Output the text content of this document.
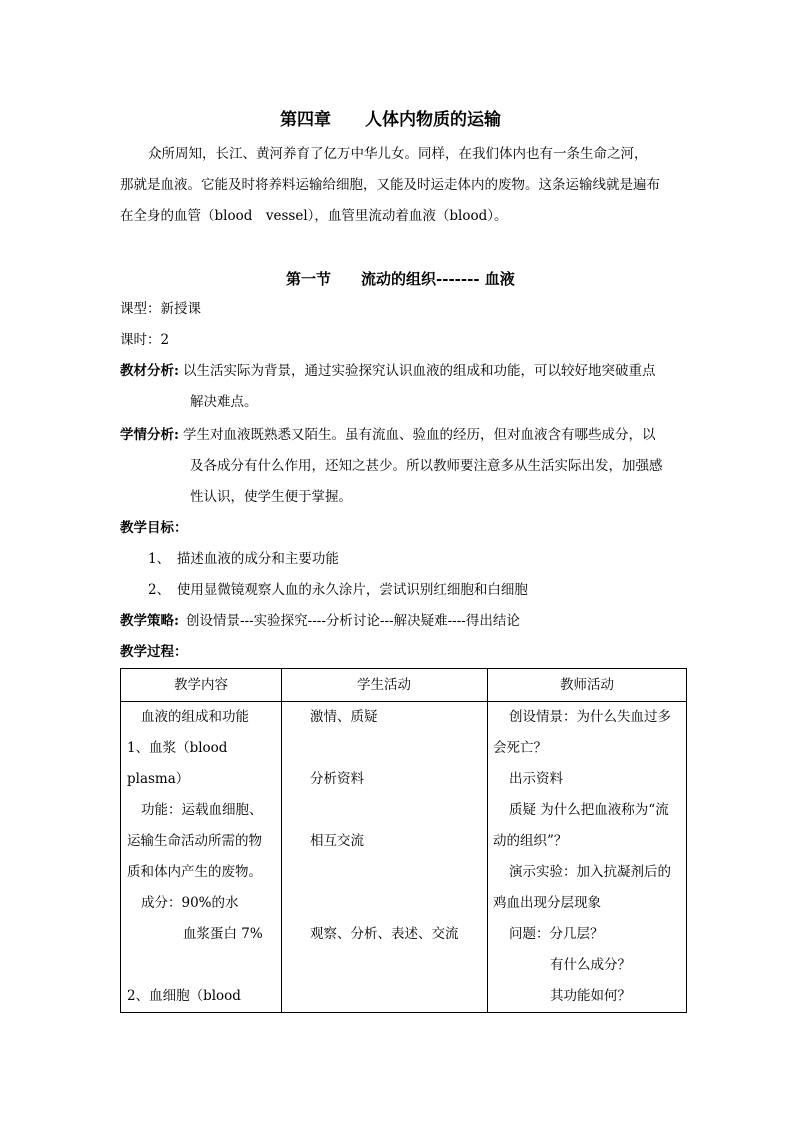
第四章　　人体内物质的运输
众所周知，长江、黄河养育了亿万中华儿女。同样，在我们体内也有一条生命之河，
那就是血液。它能及时将养料运输给细胞，又能及时运走体内的废物。这条运输线就是遍布
在全身的血管（blood　vessel），血管里流动着血液（blood）。
第一节　　流动的组织------- 血液
课型：新授课
课时：2
教材分析: 以生活实际为背景，通过实验探究认识血液的组成和功能，可以较好地突破重点
解决难点。
学情分析: 学生对血液既熟悉又陌生。虽有流血、验血的经历，但对血液含有哪些成分，以
及各成分有什么作用，还知之甚少。所以教师要注意多从生活实际出发，加强感
性认识，使学生便于掌握。
教学目标：
1、　描述血液的成分和主要功能
2、　使用显微镜观察人血的永久涂片，尝试识别红细胞和白细胞
教学策略: 创设情景---实验探究----分析讨论---解决疑难----得出结论
教学过程：
教学内容	学生活动	教师活动
血液的组成和功能
1、血浆（blood
plasma）
功能：运载血细胞、
运输生命活动所需的物
质和体内产生的废物。
成分：90%的水
血浆蛋白 7%
2、血细胞（blood
激情、质疑
分析资料
相互交流
观察、分析、表述、交流
创设情景：为什么失血过多
会死亡？
出示资料
质疑 为什么把血液称为“流
动的组织”？
演示实验：加入抗凝剂后的
鸡血出现分层现象
问题：分几层？
有什么成分？
其功能如何？
